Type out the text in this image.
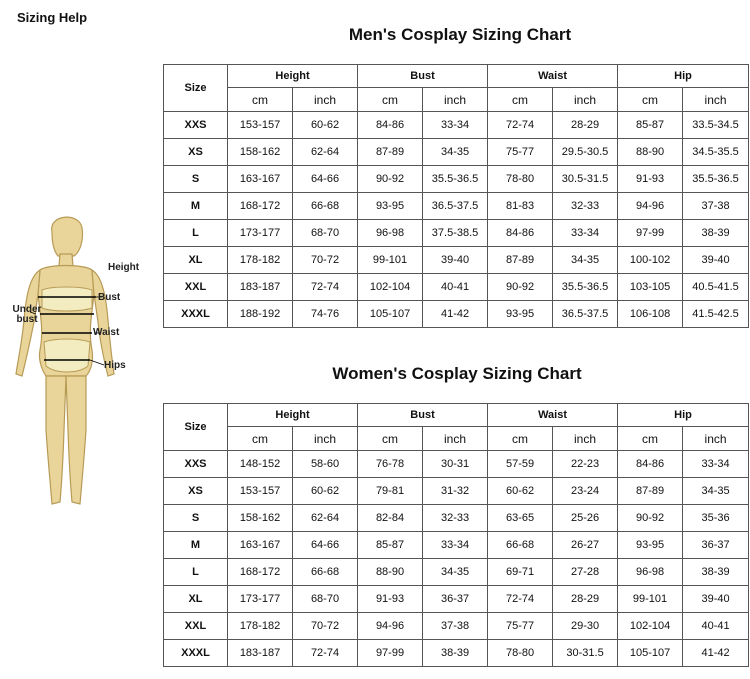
Sizing Help
Men's Cosplay Sizing Chart
Women's Cosplay Sizing Chart
Height
Bust
Under bust
Waist
Hips
Size	Height		Bust		Waist		Hip	
	cm	inch	cm	inch	cm	inch	cm	inch
XXS	153-157	60-62	84-86	33-34	72-74	28-29	85-87	33.5-34.5
XS	158-162	62-64	87-89	34-35	75-77	29.5-30.5	88-90	34.5-35.5
S	163-167	64-66	90-92	35.5-36.5	78-80	30.5-31.5	91-93	35.5-36.5
M	168-172	66-68	93-95	36.5-37.5	81-83	32-33	94-96	37-38
L	173-177	68-70	96-98	37.5-38.5	84-86	33-34	97-99	38-39
XL	178-182	70-72	99-101	39-40	87-89	34-35	100-102	39-40
XXL	183-187	72-74	102-104	40-41	90-92	35.5-36.5	103-105	40.5-41.5
XXXL	188-192	74-76	105-107	41-42	93-95	36.5-37.5	106-108	41.5-42.5
Size	Height		Bust		Waist		Hip	
	cm	inch	cm	inch	cm	inch	cm	inch
XXS	148-152	58-60	76-78	30-31	57-59	22-23	84-86	33-34
XS	153-157	60-62	79-81	31-32	60-62	23-24	87-89	34-35
S	158-162	62-64	82-84	32-33	63-65	25-26	90-92	35-36
M	163-167	64-66	85-87	33-34	66-68	26-27	93-95	36-37
L	168-172	66-68	88-90	34-35	69-71	27-28	96-98	38-39
XL	173-177	68-70	91-93	36-37	72-74	28-29	99-101	39-40
XXL	178-182	70-72	94-96	37-38	75-77	29-30	102-104	40-41
XXXL	183-187	72-74	97-99	38-39	78-80	30-31.5	105-107	41-42
